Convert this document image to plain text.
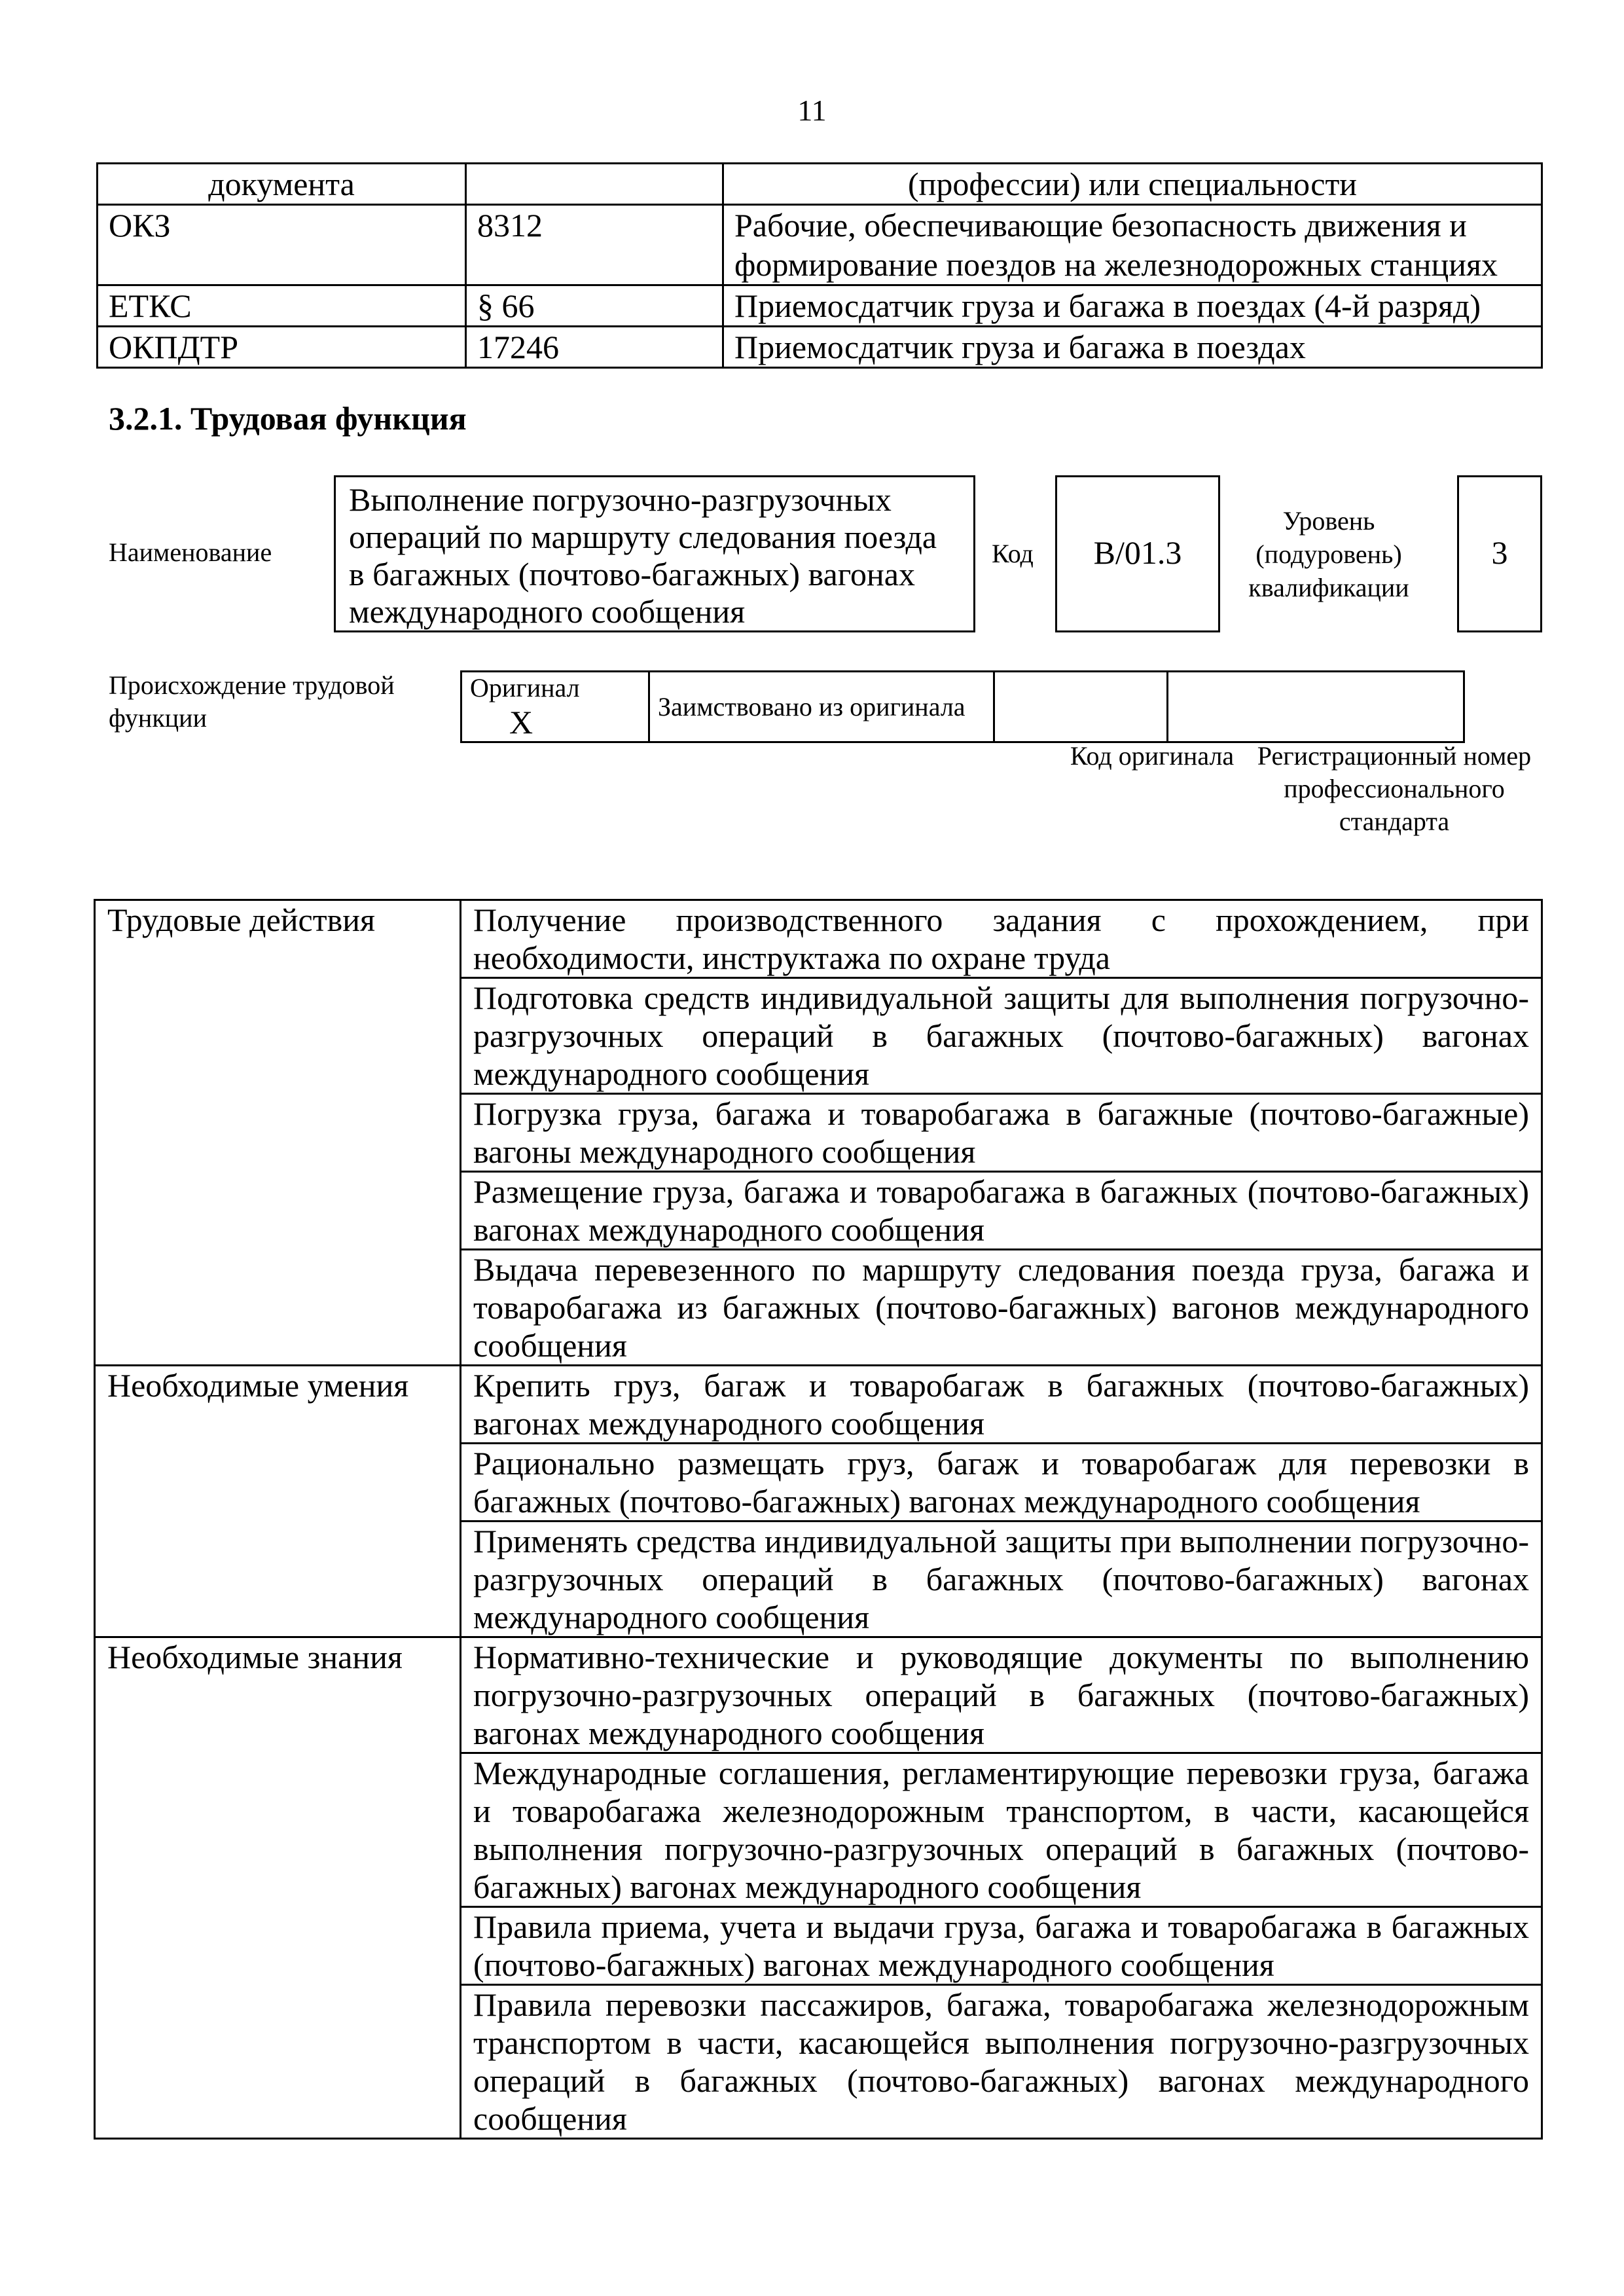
11
документа		(профессии) или специальности
ОКЗ	8312	Рабочие, обеспечивающие безопасность движения и формирование поездов на железнодорожных станциях
ЕТКС	§ 66	Приемосдатчик груза и багажа в поездах (4-й разряд)
ОКПДТР	17246	Приемосдатчик груза и багажа в поездах
3.2.1. Трудовая функция
Наименование
Выполнение погрузочно-разгрузочных операций по маршруту следования поезда в багажных (почтово-багажных) вагонах международного сообщения
Код B/01.3
Уровень (подуровень) квалификации
3
Происхождение трудовой функции
Оригинал X		Заимствовано из оригинала		
Код оригинала Регистрационный номер профессионального стандарта
Трудовые действия	Получение производственного задания с прохождением, при необходимости, инструктажа по охране труда
	Подготовка средств индивидуальной защиты для выполнения погрузочно-разгрузочных операций в багажных (почтово-багажных) вагонах международного сообщения
	Погрузка груза, багажа и товаробагажа в багажные (почтово-багажные) вагоны международного сообщения
	Размещение груза, багажа и товаробагажа в багажных (почтово-багажных) вагонах международного сообщения
	Выдача перевезенного по маршруту следования поезда груза, багажа и товаробагажа из багажных (почтово-багажных) вагонов международного сообщения
Необходимые умения	Крепить груз, багаж и товаробагаж в багажных (почтово-багажных) вагонах международного сообщения
	Рационально размещать груз, багаж и товаробагаж для перевозки в багажных (почтово-багажных) вагонах международного сообщения
	Применять средства индивидуальной защиты при выполнении погрузочно-разгрузочных операций в багажных (почтово-багажных) вагонах международного сообщения
Необходимые знания	Нормативно-технические и руководящие документы по выполнению погрузочно-разгрузочных операций в багажных (почтово-багажных) вагонах международного сообщения
	Международные соглашения, регламентирующие перевозки груза, багажа и товаробагажа железнодорожным транспортом, в части, касающейся выполнения погрузочно-разгрузочных операций в багажных (почтово-багажных) вагонах международного сообщения
	Правила приема, учета и выдачи груза, багажа и товаробагажа в багажных (почтово-багажных) вагонах международного сообщения
	Правила перевозки пассажиров, багажа, товаробагажа железнодорожным транспортом в части, касающейся выполнения погрузочно-разгрузочных операций в багажных (почтово-багажных) вагонах международного сообщения
